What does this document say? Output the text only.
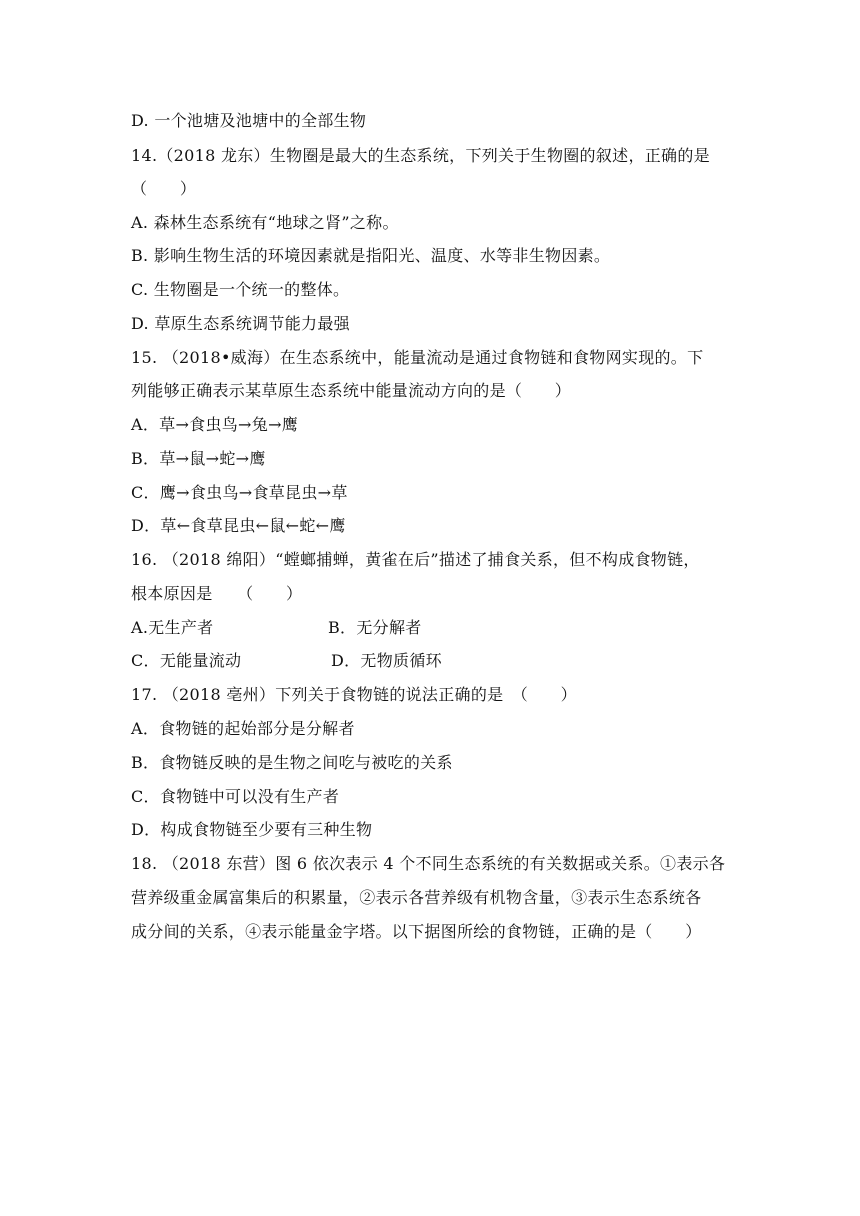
D. 一个池塘及池塘中的全部生物
14.（2018 龙东）生物圈是最大的生态系统，下列关于生物圈的叙述，正确的是
（　　）
A. 森林生态系统有“地球之肾”之称。
B. 影响生物生活的环境因素就是指阳光、温度、水等非生物因素。
C. 生物圈是一个统一的整体。
D. 草原生态系统调节能力最强
15. （2018•威海）在生态系统中，能量流动是通过食物链和食物网实现的。下
列能够正确表示某草原生态系统中能量流动方向的是（　　）
A．草→食虫鸟→兔→鹰
B．草→鼠→蛇→鹰
C．鹰→食虫鸟→食草昆虫→草
D．草←食草昆虫←鼠←蛇←鹰
16. （2018 绵阳）“螳螂捕蝉，黄雀在后”描述了捕食关系，但不构成食物链，
根本原因是　　（　　）
A.无生产者	B．无分解者
C．无能量流动	D．无物质循环
17. （2018 亳州）下列关于食物链的说法正确的是　（　　）
A．食物链的起始部分是分解者
B．食物链反映的是生物之间吃与被吃的关系
C．食物链中可以没有生产者
D．构成食物链至少要有三种生物
18. （2018 东营）图 6 依次表示 4 个不同生态系统的有关数据或关系。①表示各
营养级重金属富集后的积累量，②表示各营养级有机物含量，③表示生态系统各
成分间的关系，④表示能量金字塔。以下据图所绘的食物链，正确的是（　　）
